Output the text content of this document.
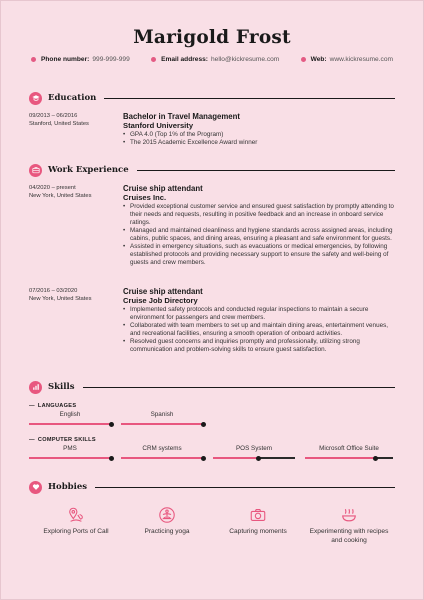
Marigold Frost
Phone number: 999-999-999	Email address: hello@kickresume.com	Web: www.kickresume.com
Education
09/2013 – 06/2016
Stanford, United States
Bachelor in Travel Management
Stanford University
• GPA 4.0 (Top 1% of the Program)
• The 2015 Academic Excellence Award winner
Work Experience
04/2020 – present
New York, United States
Cruise ship attendant
Cruises Inc.
• Provided exceptional customer service and ensured guest satisfaction by promptly attending to their needs and requests, resulting in positive feedback and an increase in onboard service ratings.
• Managed and maintained cleanliness and hygiene standards across assigned areas, including cabins, public spaces, and dining areas, ensuring a pleasant and safe environment for guests.
• Assisted in emergency situations, such as evacuations or medical emergencies, by following established protocols and providing necessary support to ensure the safety and well-being of guests and crew members.
07/2016 – 03/2020
New York, United States
Cruise ship attendant
Cruise Job Directory
• Implemented safety protocols and conducted regular inspections to maintain a secure environment for passengers and crew members.
• Collaborated with team members to set up and maintain dining areas, entertainment venues, and recreational facilities, ensuring a smooth operation of onboard activities.
• Resolved guest concerns and inquiries promptly and professionally, utilizing strong communication and problem-solving skills to ensure guest satisfaction.
Skills
— LANGUAGES
English	Spanish
— COMPUTER SKILLS
PMS	CRM systems	POS System	Microsoft Office Suite
Hobbies
Exploring Ports of Call	Practicing yoga	Capturing moments	Experimenting with recipes and cooking
